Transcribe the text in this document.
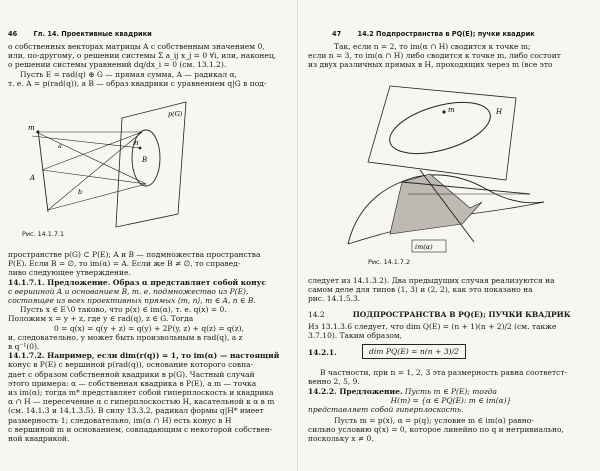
46 Гл. 14. Проективные квадрики
о собственных векторах матрицы A с собственным значением 0,
или, по-другому, о решении системы Σ a_ij x_j = 0 ∀i, или, наконец,
о решении системы уравнений dq/dx_i = 0 (см. 13.1.2).
Пусть E = rad(q) ⊕ G — прямая сумма, A — радикал α,
т. е. A = p(rad(q)), a B — образ квадрики с уравнением q|G в под-
m
n
B
A
p(G)
a
b
Рис. 14.1.7.1
пространстве p(G) ⊂ P(E); A и B — подмножества пространства
P(E). Если B = ∅, то im(α) = A. Если же B ≠ ∅, то справед-
ливо следующее утверждение.
14.1.7.1. Предложение. Образ α представляет собой конус
с вершиной A и основанием B, т. е. подмножество из P(E),
состоящее из всех проективных прямых ⟨m, n⟩, m ∈ A, n ∈ B.
Пусть x ∈ E∖0 таково, что p(x) ∈ im(α), т. е. q(x) = 0.
Положим x = y + z, где y ∈ rad(q), z ∈ G. Тогда
0 = q(x) = q(y + z) = q(y) + 2P(y, z) + q(z) = q(z),
и, следовательно, y может быть произвольным в rad(q), а z
в q⁻¹(0).
14.1.7.2. Например, если dim(r(q)) = 1, то im(α) — настоящий
конус в P(E) с вершиной p(rad(q)), основание которого совпа-
дает с образом собственной квадрики в p(G). Частный случай
этого примера: α — собственная квадрика в P(E), а m — точка
из im(α); тогда m* представляет собой гиперплоскость и квадрика
α ∩ H — пересечение α с гиперплоскостью H, касательной к α в m
(см. 14.1.3 и 14.1.3.5). В силу 13.3.2, радикал формы q|H* имеет
размерность 1; следовательно, im(α ∩ H) есть конус в H
с вершиной m и основанием, совпадающим с некоторой собствен-
ной квадрикой.
47 14.2 Подпространства в PQ(E); пучки квадрик
Так, если n = 2, то im(α ∩ H) сводится к точке m;
если n = 3, то im(α ∩ H) либо сводится к точке m, либо состоит
из двух различных прямых в H, проходящих через m (все это
m	H
im(α)
Рис. 14.1.7.2
следует из 14.1.3.2). Два предыдущих случая реализуются на
самом деле для типов (1, 3) и (2, 2), как это показано на
рис. 14.1.5.3.
14.2	ПОДПРОСТРАНСТВА В PQ(E); ПУЧКИ КВАДРИК
Из 13.1.3.6 следует, что dim Q(E) = (n + 1)(n + 2)/2 (см. также
3.7.10). Таким образом,
14.2.1.	dim PQ(E) = n(n + 3)/2
В частности, при n = 1, 2, 3 эта размерность равна соответст-
венно 2, 5, 9.
14.2.2. Предложение. Пусть m ∈ P(E); тогда
H(m) = {α ∈ PQ(E): m ∈ im(α)}
представляет собой гиперплоскость.
Пусть m = p(x), α = p(q); условие m ∈ im(α) равно-
сильно условию q(x) = 0, которое линейно по q и нетривиально,
поскольку x ≠ 0.
